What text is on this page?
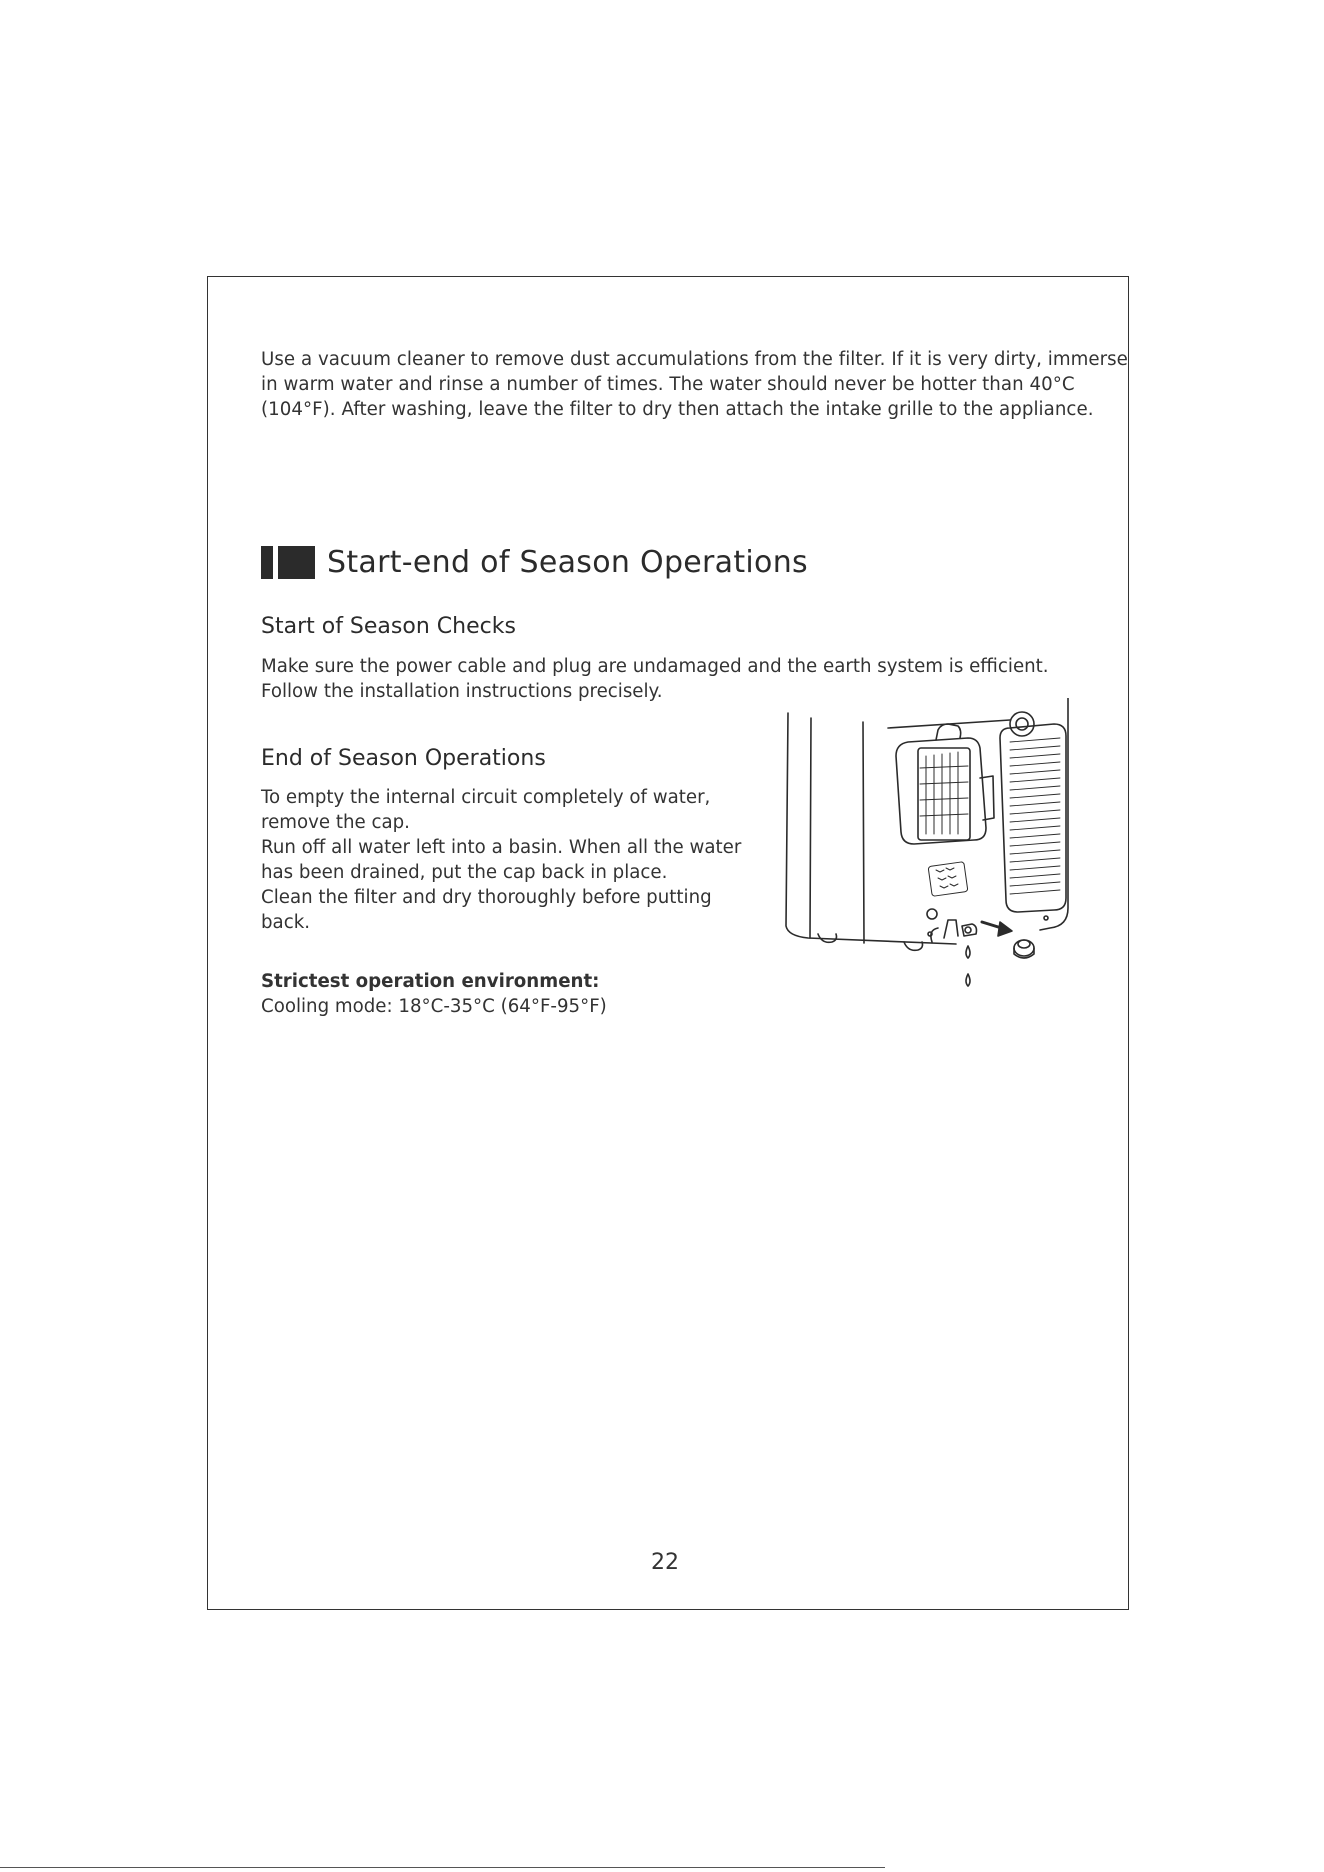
Use a vacuum cleaner to remove dust accumulations from the filter. If it is very dirty, immerse
in warm water and rinse a number of times. The water should never be hotter than 40°C
(104°F). After washing, leave the filter to dry then attach the intake grille to the appliance.
Start-end of Season Operations
Start of Season Checks
Make sure the power cable and plug are undamaged and the earth system is efficient.
Follow the installation instructions precisely.
End of Season Operations
To empty the internal circuit completely of water,
remove the cap.
Run off all water left into a basin. When all the water
has been drained, put the cap back in place.
Clean the filter and dry thoroughly before putting
back.
Strictest operation environment:
Cooling mode: 18°C-35°C (64°F-95°F)
22
